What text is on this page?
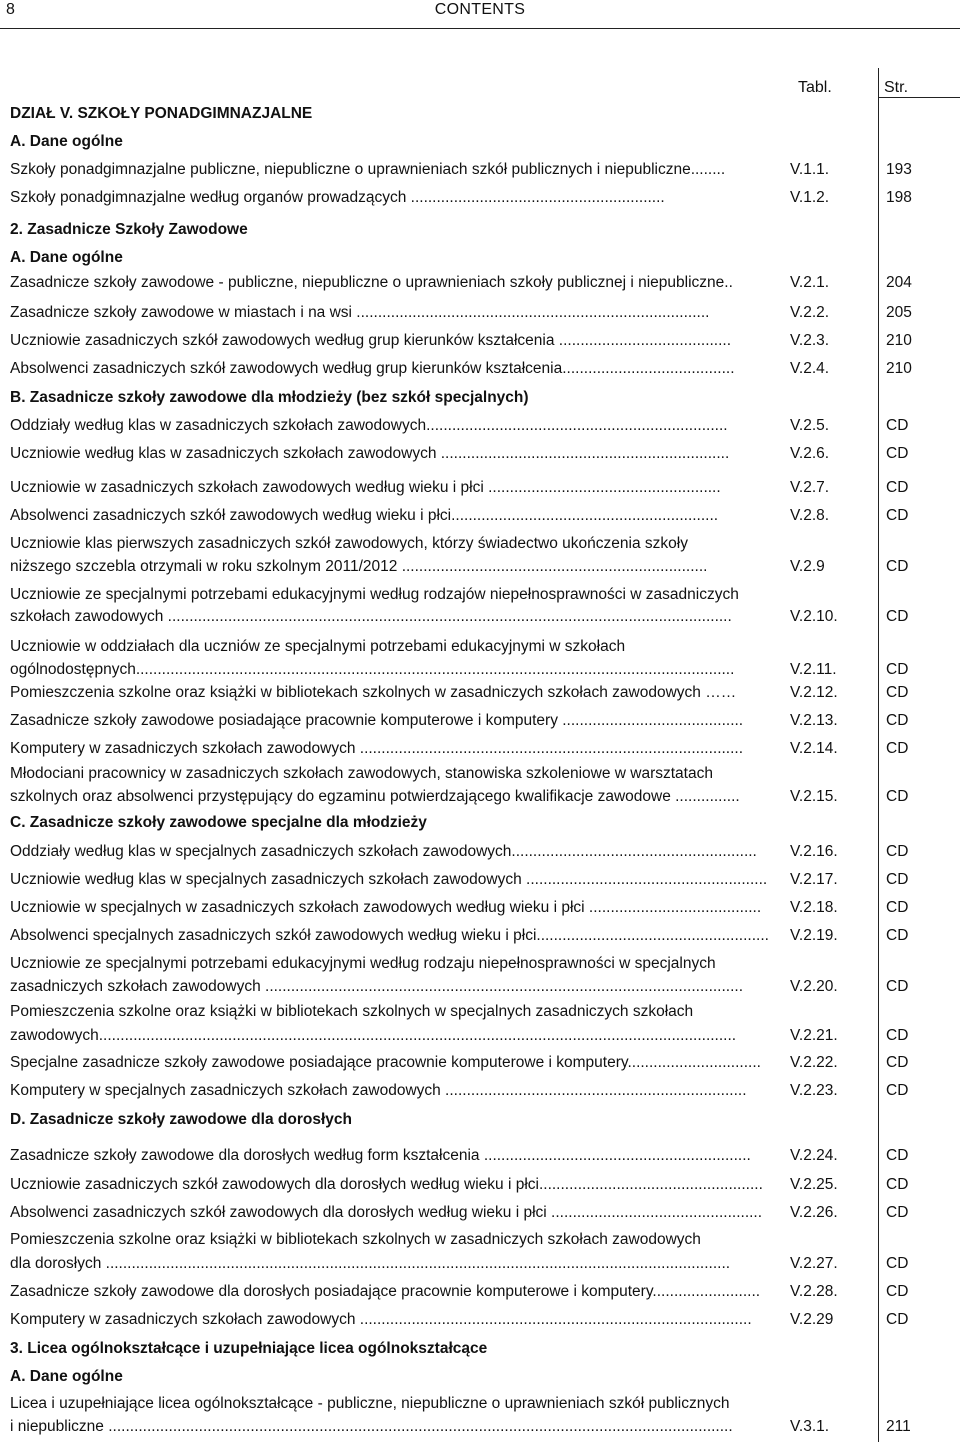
8	CONTENTS
Tabl.	Str.
DZIAŁ V. SZKOŁY PONADGIMNAZJALNE
A. Dane ogólne
Szkoły ponadgimnazjalne publiczne, niepubliczne o uprawnieniach szkół publicznych i niepubliczne........	V.1.1.	193
Szkoły ponadgimnazjalne według organów prowadzących ...........................................................	V.1.2.	198
2. Zasadnicze Szkoły Zawodowe
A. Dane ogólne
Zasadnicze szkoły zawodowe - publiczne, niepubliczne o uprawnieniach szkoły publicznej i niepubliczne..	V.2.1.	204
Zasadnicze szkoły zawodowe w miastach i na wsi ..................................................................................	V.2.2.	205
Uczniowie zasadniczych szkół zawodowych według grup kierunków kształcenia ........................................	V.2.3.	210
Absolwenci zasadniczych szkół zawodowych według grup kierunków kształcenia........................................	V.2.4.	210
B. Zasadnicze szkoły zawodowe dla młodzieży (bez szkół specjalnych)
Oddziały według klas w zasadniczych szkołach zawodowych......................................................................	V.2.5.	CD
Uczniowie według klas w zasadniczych szkołach zawodowych ...................................................................	V.2.6.	CD
Uczniowie w zasadniczych szkołach zawodowych według wieku i płci ......................................................	V.2.7.	CD
Absolwenci zasadniczych szkół zawodowych według wieku i płci..............................................................	V.2.8.	CD
Uczniowie klas pierwszych zasadniczych szkół zawodowych, którzy świadectwo ukończenia szkoły
niższego szczebla otrzymali w roku szkolnym 2011/2012 .......................................................................	V.2.9	CD
Uczniowie ze specjalnymi potrzebami edukacyjnymi według rodzajów niepełnosprawności w zasadniczych
szkołach zawodowych ...................................................................................................................................	V.2.10.	CD
Uczniowie w oddziałach dla uczniów ze specjalnymi potrzebami edukacyjnymi w szkołach
ogólnodostępnych...........................................................................................................................................	V.2.11.	CD
Pomieszczenia szkolne oraz książki w bibliotekach szkolnych w zasadniczych szkołach zawodowych ……	V.2.12.	CD
Zasadnicze szkoły zawodowe posiadające pracownie komputerowe i komputery ..........................................	V.2.13.	CD
Komputery w zasadniczych szkołach zawodowych .........................................................................................	V.2.14.	CD
Młodociani pracownicy w zasadniczych szkołach zawodowych, stanowiska szkoleniowe w warsztatach
szkolnych oraz absolwenci przystępujący do egzaminu potwierdzającego kwalifikacje zawodowe ...............	V.2.15.	CD
C. Zasadnicze szkoły zawodowe specjalne dla młodzieży
Oddziały według klas w specjalnych zasadniczych szkołach zawodowych......................................................... V.2.16.	CD
Uczniowie według klas w specjalnych zasadniczych szkołach zawodowych ........................................................ V.2.17.	CD
Uczniowie w specjalnych w zasadniczych szkołach zawodowych według wieku i płci ........................................ V.2.18.	CD
Absolwenci specjalnych zasadniczych szkół zawodowych według wieku i płci...................................................... V.2.19.	CD
Uczniowie ze specjalnymi potrzebami edukacyjnymi według rodzaju niepełnosprawności w specjalnych
zasadniczych szkołach zawodowych ...............................................................................................................	V.2.20.	CD
Pomieszczenia szkolne oraz książki w bibliotekach szkolnych w specjalnych zasadniczych szkołach
zawodowych....................................................................................................................................................	V.2.21.	CD
Specjalne zasadnicze szkoły zawodowe posiadające pracownie komputerowe i komputery............................... V.2.22.	CD
Komputery w specjalnych zasadniczych szkołach zawodowych ......................................................................	V.2.23.	CD
D. Zasadnicze szkoły zawodowe dla dorosłych
Zasadnicze szkoły zawodowe dla dorosłych według form kształcenia ..............................................................	V.2.24.	CD
Uczniowie zasadniczych szkół zawodowych dla dorosłych według wieku i płci.................................................... V.2.25.	CD
Absolwenci zasadniczych szkół zawodowych dla dorosłych według wieku i płci ................................................. V.2.26.	CD
Pomieszczenia szkolne oraz książki w bibliotekach szkolnych w zasadniczych szkołach zawodowych
dla dorosłych .................................................................................................................................................	V.2.27.	CD
Zasadnicze szkoły zawodowe dla dorosłych posiadające pracownie komputerowe i komputery......................... V.2.28.	CD
Komputery w zasadniczych szkołach zawodowych ........................................................................................... V.2.29	CD
3. Licea ogólnokształcące i uzupełniające licea ogólnokształcące
A. Dane ogólne
Licea i uzupełniające licea ogólnokształcące - publiczne, niepubliczne o uprawnieniach szkół publicznych
i niepubliczne .................................................................................................................................................	V.3.1.	211
